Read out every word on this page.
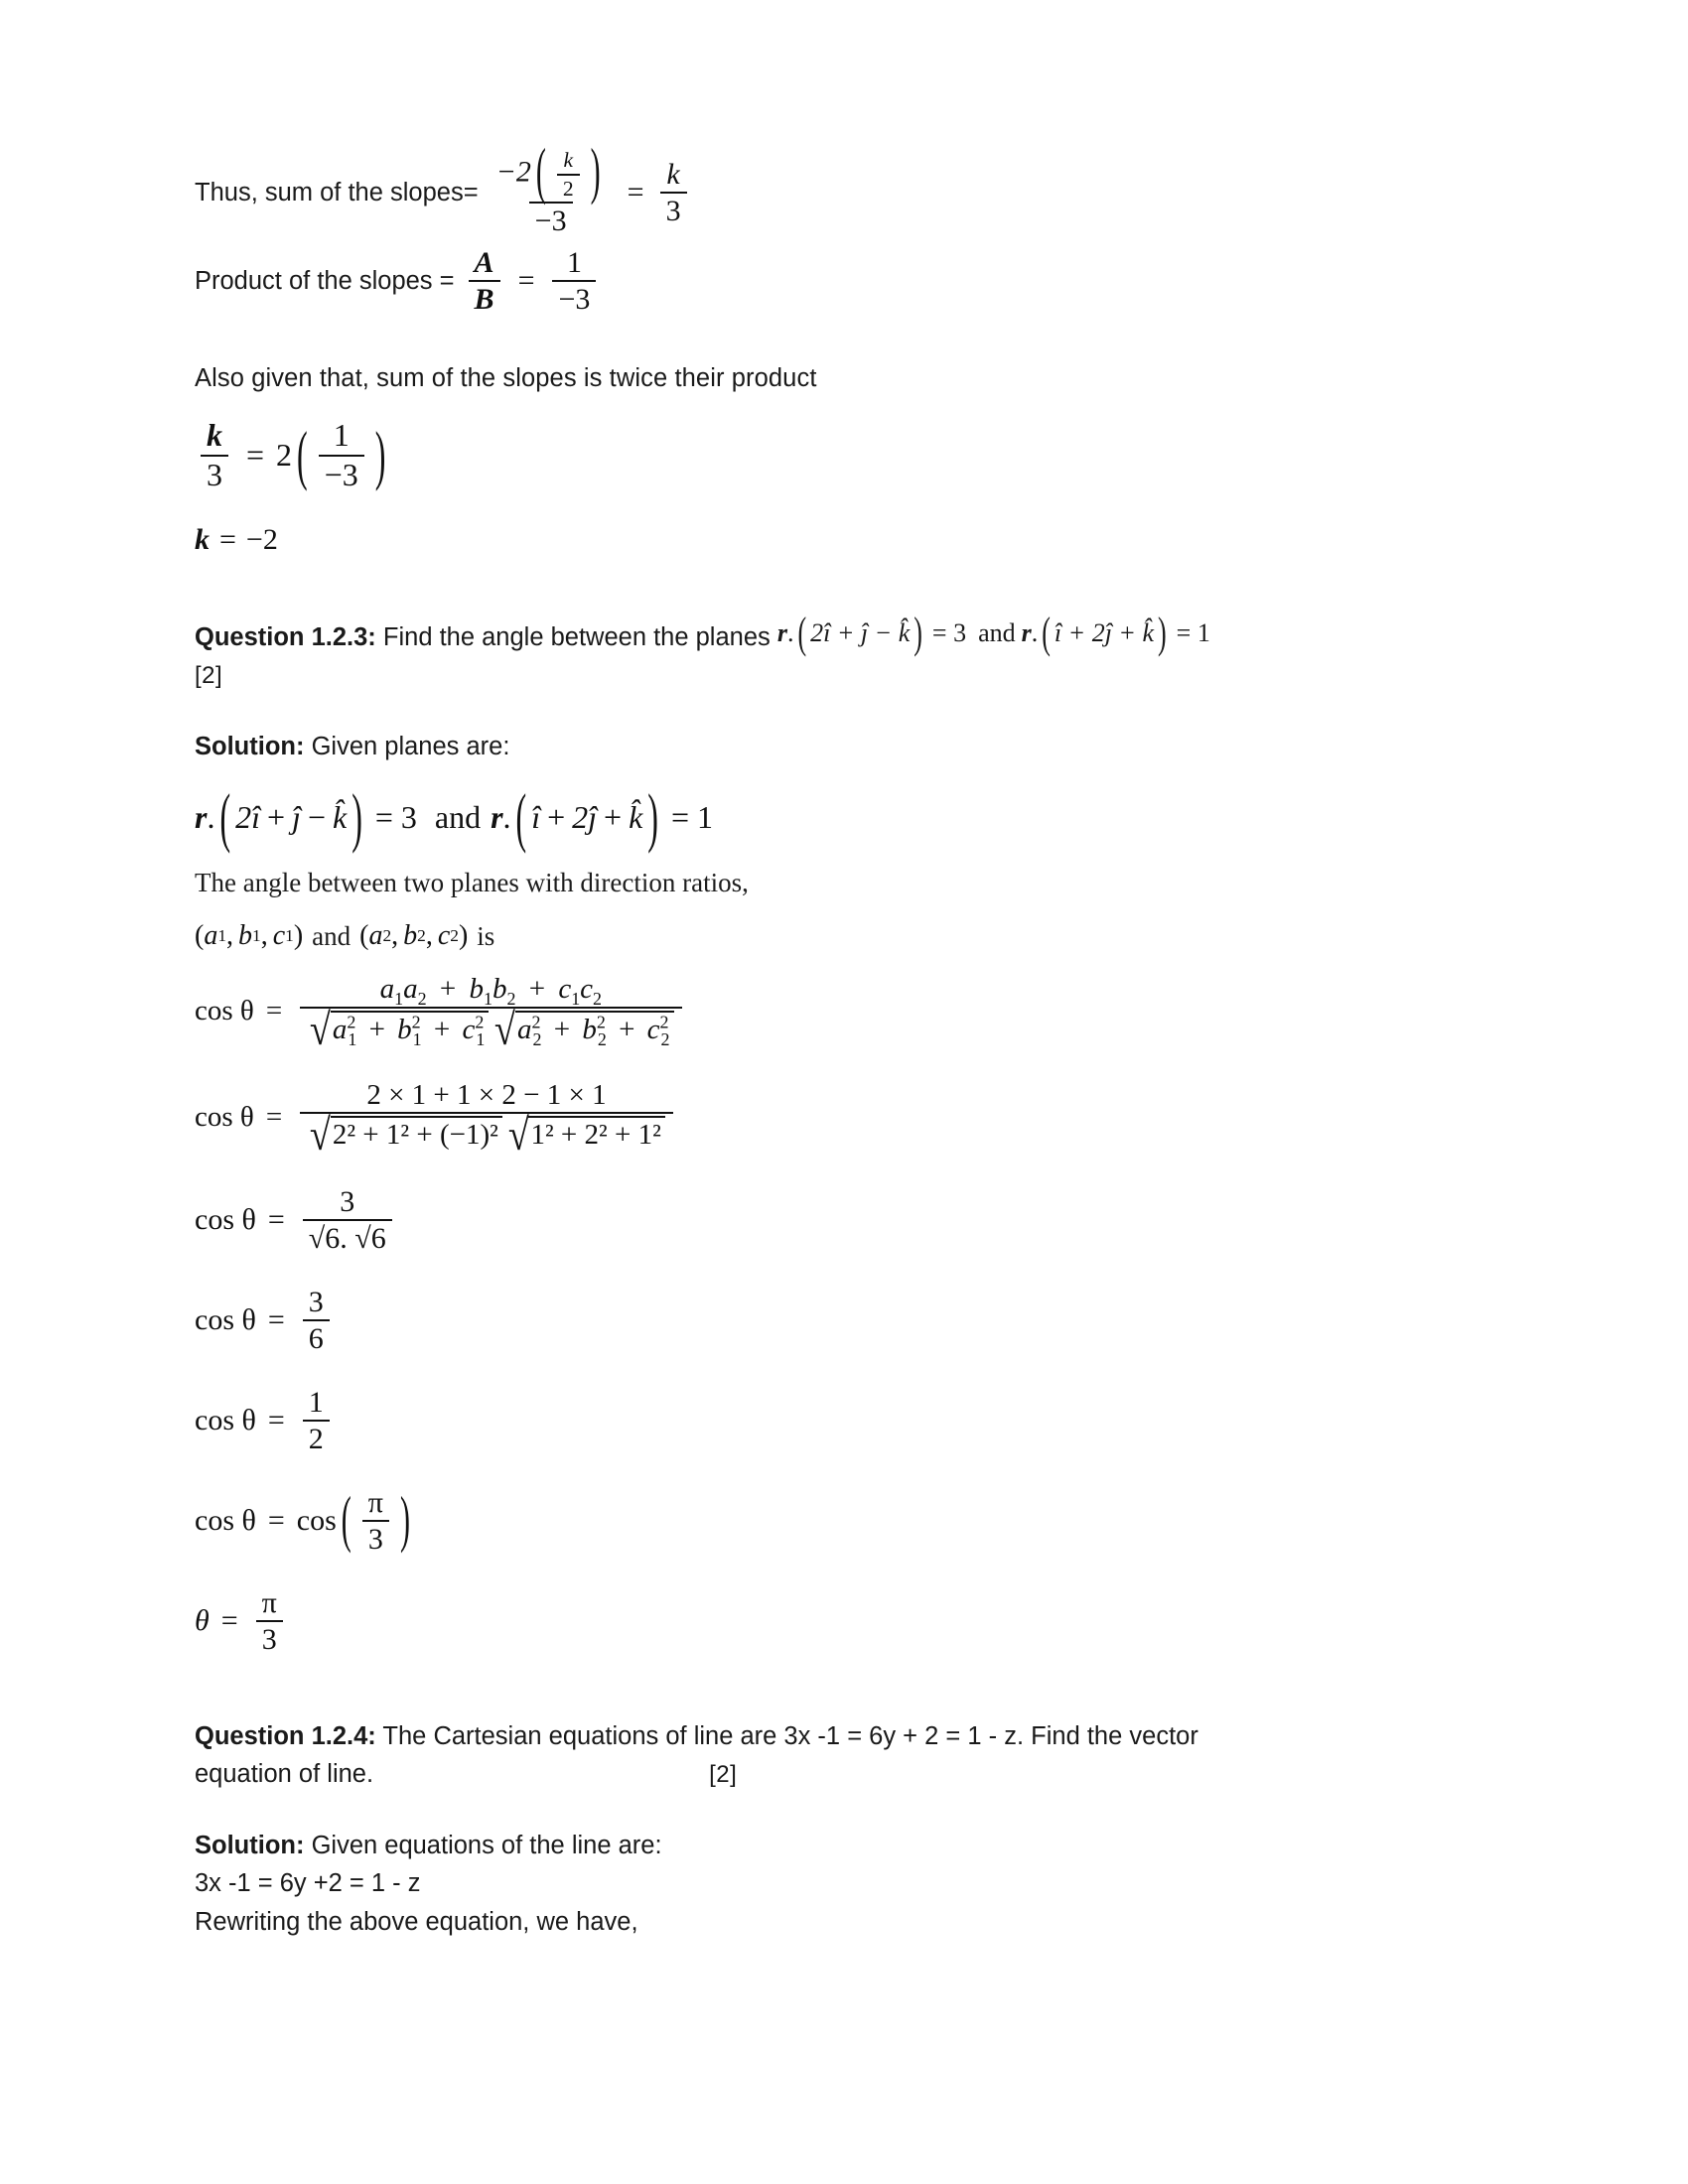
Thus, sum of the slopes= $\frac{-2 ( \frac{k}{2} )}{-3} = \frac{k}{3}$
Product of the slopes = $\frac{A}{B} = \frac{1}{-3}$
Also given that, sum of the slopes is twice their product
$\frac{k}{3} = 2$ ( $\frac{1}{-3}$ )
k = −2
Question 1.2.3: Find the angle between the planes r . ( 2î + ĵ − k̂ ) = 3 and r . ( î + 2ĵ + k̂ ) = 1
[2]
Solution: Given planes are:
r . ( 2î + ĵ − k̂ ) = 3 and r . ( î + 2ĵ + k̂ ) = 1
The angle between two planes with direction ratios,
( a 1 , b 1 , c 1 ) and ( a 2 , b 2 , c 2 ) is
cos θ =
$a_1a_2 + b_1b_2 + c_1c_2$
√ $a^2_1 + b^2_1 + c^2_1$ √ $a^2_2 + b^2_2 + c^2_2$
cos θ =
2 × 1 + 1 × 2 − 1 × 1
√ 2² + 1² + (−1)² √ 1² + 2² + 1²
$\cos \theta = \frac{3}{√6. √6}$
$\cos \theta = \frac{3}{6}$
$\cos \theta = \frac{1}{2}$
cos θ = cos ( $\frac{\pi}{3}$ )
$\theta = \frac{\pi}{3}$
Question 1.2.4: The Cartesian equations of line are 3x -1 = 6y + 2 = 1 - z. Find the vector
equation of line.	[2]
Solution: Given equations of the line are:
3x -1 = 6y +2 = 1 - z
Rewriting the above equation, we have,
